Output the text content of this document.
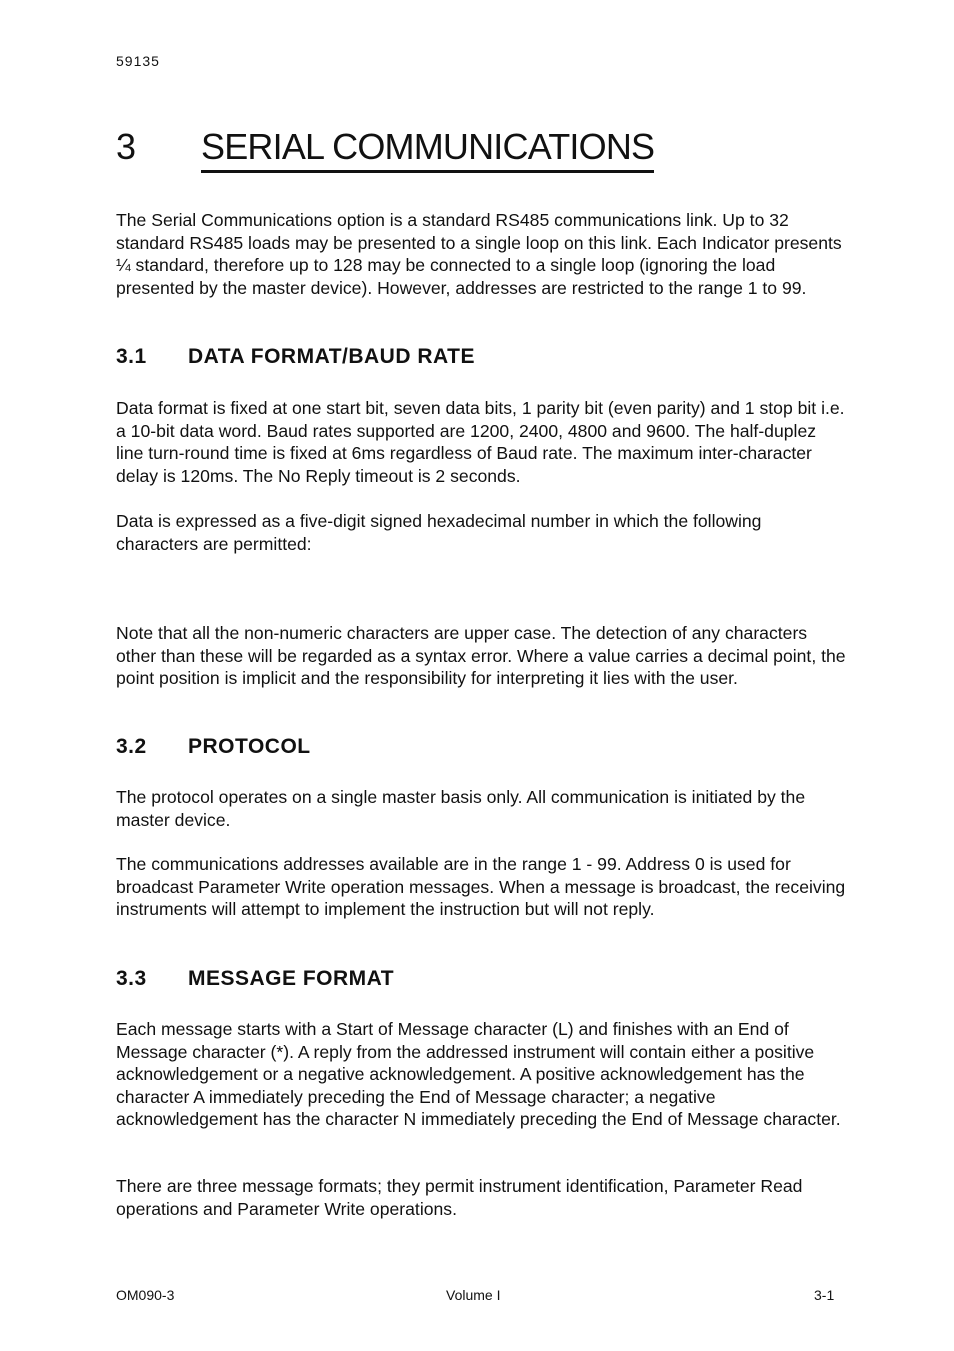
59135
3 SERIAL COMMUNICATIONS
The Serial Communications option is a standard RS485 communications link. Up to 32 standard RS485 loads may be presented to a single loop on this link. Each Indicator presents ¼ standard, therefore up to 128 may be connected to a single loop (ignoring the load presented by the master device). However, addresses are restricted to the range 1 to 99.
3.1 DATA FORMAT/BAUD RATE
Data format is fixed at one start bit, seven data bits, 1 parity bit (even parity) and 1 stop bit i.e. a 10-bit data word. Baud rates supported are 1200, 2400, 4800 and 9600. The half-duplez line turn-round time is fixed at 6ms regardless of Baud rate. The maximum inter-character delay is 120ms. The No Reply timeout is 2 seconds.
Data is expressed as a five-digit signed hexadecimal number in which the following characters are permitted:
Note that all the non-numeric characters are upper case. The detection of any characters other than these will be regarded as a syntax error. Where a value carries a decimal point, the point position is implicit and the responsibility for interpreting it lies with the user.
3.2 PROTOCOL
The protocol operates on a single master basis only. All communication is initiated by the master device.
The communications addresses available are in the range 1 - 99. Address 0 is used for broadcast Parameter Write operation messages. When a message is broadcast, the receiving instruments will attempt to implement the instruction but will not reply.
3.3 MESSAGE FORMAT
Each message starts with a Start of Message character (L) and finishes with an End of Message character (*). A reply from the addressed instrument will contain either a positive acknowledgement or a negative acknowledgement. A positive acknowledgement has the character A immediately preceding the End of Message character; a negative acknowledgement has the character N immediately preceding the End of Message character.
There are three message formats; they permit instrument identification, Parameter Read operations and Parameter Write operations.
OM090-3	Volume I	3-1
